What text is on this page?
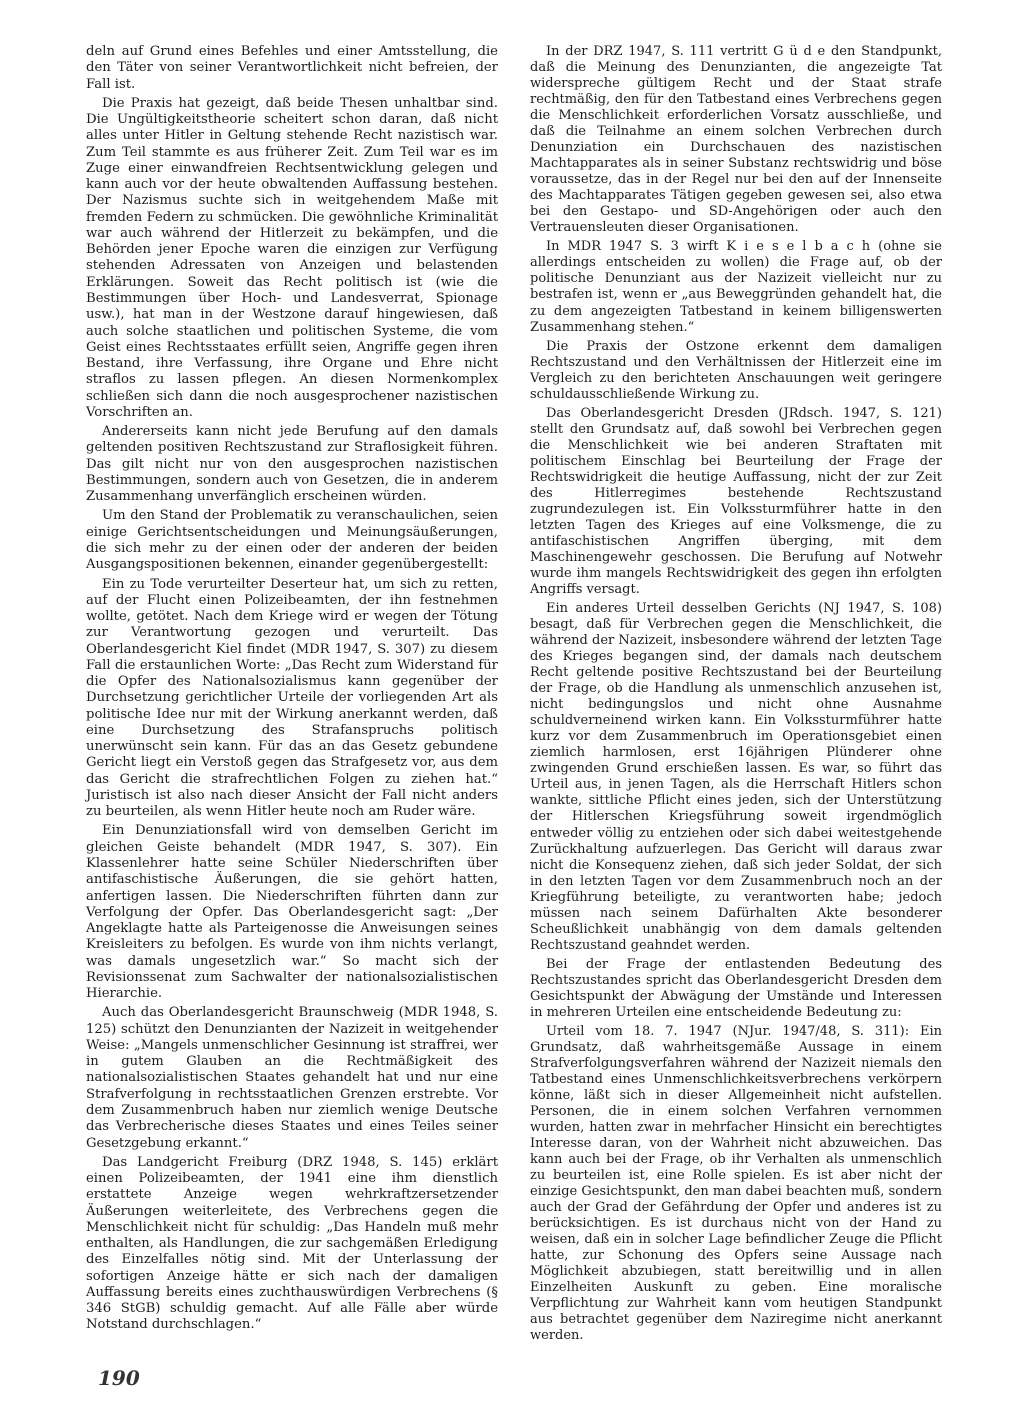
deln auf Grund eines Befehles und einer Amtsstellung, die den Täter von seiner Verantwortlichkeit nicht befreien, der Fall ist.

Die Praxis hat gezeigt, daß beide Thesen unhaltbar sind. Die Ungültigkeitstheorie scheitert schon daran, daß nicht alles unter Hitler in Geltung stehende Recht nazistisch war. Zum Teil stammte es aus früherer Zeit. Zum Teil war es im Zuge einer einwandfreien Rechtsentwicklung gelegen und kann auch vor der heute obwaltenden Auffassung bestehen. Der Nazismus suchte sich in weitgehendem Maße mit fremden Federn zu schmücken. Die gewöhnliche Kriminalität war auch während der Hitlerzeit zu bekämpfen, und die Behörden jener Epoche waren die einzigen zur Verfügung stehenden Adressaten von Anzeigen und belastenden Erklärungen. Soweit das Recht politisch ist (wie die Bestimmungen über Hoch- und Landesverrat, Spionage usw.), hat man in der Westzone darauf hingewiesen, daß auch solche staatlichen und politischen Systeme, die vom Geist eines Rechtsstaates erfüllt seien, Angriffe gegen ihren Bestand, ihre Verfassung, ihre Organe und Ehre nicht straflos zu lassen pflegen. An diesen Normenkomplex schließen sich dann die noch ausgesprochener nazistischen Vorschriften an.

Andererseits kann nicht jede Berufung auf den damals geltenden positiven Rechtszustand zur Straflosigkeit führen. Das gilt nicht nur von den ausgesprochen nazistischen Bestimmungen, sondern auch von Gesetzen, die in anderem Zusammenhang unverfänglich erscheinen würden.

Um den Stand der Problematik zu veranschaulichen, seien einige Gerichtsentscheidungen und Meinungsäußerungen, die sich mehr zu der einen oder der anderen der beiden Ausgangspositionen bekennen, einander gegenübergestellt:

Ein zu Tode verurteilter Deserteur hat, um sich zu retten, auf der Flucht einen Polizeibeamten, der ihn festnehmen wollte, getötet. Nach dem Kriege wird er wegen der Tötung zur Verantwortung gezogen und verurteilt. Das Oberlandesgericht Kiel findet (MDR 1947, S. 307) zu diesem Fall die erstaunlichen Worte: „Das Recht zum Widerstand für die Opfer des Nationalsozialismus kann gegenüber der Durchsetzung gerichtlicher Urteile der vorliegenden Art als politische Idee nur mit der Wirkung anerkannt werden, daß eine Durchsetzung des Strafanspruchs politisch unerwünscht sein kann. Für das an das Gesetz gebundene Gericht liegt ein Verstoß gegen das Strafgesetz vor, aus dem das Gericht die strafrechtlichen Folgen zu ziehen hat.“ Juristisch ist also nach dieser Ansicht der Fall nicht anders zu beurteilen, als wenn Hitler heute noch am Ruder wäre.

Ein Denunziationsfall wird von demselben Gericht im gleichen Geiste behandelt (MDR 1947, S. 307). Ein Klassenlehrer hatte seine Schüler Niederschriften über antifaschistische Äußerungen, die sie gehört hatten, anfertigen lassen. Die Niederschriften führten dann zur Verfolgung der Opfer. Das Oberlandesgericht sagt: „Der Angeklagte hatte als Parteigenosse die Anweisungen seines Kreisleiters zu befolgen. Es wurde von ihm nichts verlangt, was damals ungesetzlich war.“ So macht sich der Revisionssenat zum Sachwalter der nationalsozialistischen Hierarchie.

Auch das Oberlandesgericht Braunschweig (MDR 1948, S. 125) schützt den Denunzianten der Nazizeit in weitgehender Weise: „Mangels unmenschlicher Gesinnung ist straffrei, wer in gutem Glauben an die Rechtmäßigkeit des nationalsozialistischen Staates gehandelt hat und nur eine Strafverfolgung in rechtsstaatlichen Grenzen erstrebte. Vor dem Zusammenbruch haben nur ziemlich wenige Deutsche das Verbrecherische dieses Staates und eines Teiles seiner Gesetzgebung erkannt.“

Das Landgericht Freiburg (DRZ 1948, S. 145) erklärt einen Polizeibeamten, der 1941 eine ihm dienstlich erstattete Anzeige wegen wehrkraftzersetzender Äußerungen weiterleitete, des Verbrechens gegen die Menschlichkeit nicht für schuldig: „Das Handeln muß mehr enthalten, als Handlungen, die zur sachgemäßen Erledigung des Einzelfalles nötig sind. Mit der Unterlassung der sofortigen Anzeige hätte er sich nach der damaligen Auffassung bereits eines zuchthauswürdigen Verbrechens (§ 346 StGB) schuldig gemacht. Auf alle Fälle aber würde Notstand durchschlagen.“

In der DRZ 1947, S. 111 vertritt G ü d e den Standpunkt, daß die Meinung des Denunzianten, die angezeigte Tat widerspreche gültigem Recht und der Staat strafe rechtmäßig, den für den Tatbestand eines Verbrechens gegen die Menschlichkeit erforderlichen Vorsatz ausschließe, und daß die Teilnahme an einem solchen Verbrechen durch Denunziation ein Durchschauen des nazistischen Machtapparates als in seiner Substanz rechtswidrig und böse voraussetze, das in der Regel nur bei den auf der Innenseite des Machtapparates Tätigen gegeben gewesen sei, also etwa bei den Gestapo- und SD-Angehörigen oder auch den Vertrauensleuten dieser Organisationen.

In MDR 1947 S. 3 wirft K i e s e l b a c h (ohne sie allerdings entscheiden zu wollen) die Frage auf, ob der politische Denunziant aus der Nazizeit vielleicht nur zu bestrafen ist, wenn er „aus Beweggründen gehandelt hat, die zu dem angezeigten Tatbestand in keinem billigenswerten Zusammenhang stehen.“

Die Praxis der Ostzone erkennt dem damaligen Rechtszustand und den Verhältnissen der Hitlerzeit eine im Vergleich zu den berichteten Anschauungen weit geringere schuldausschließende Wirkung zu.

Das Oberlandesgericht Dresden (JRdsch. 1947, S. 121) stellt den Grundsatz auf, daß sowohl bei Verbrechen gegen die Menschlichkeit wie bei anderen Straftaten mit politischem Einschlag bei Beurteilung der Frage der Rechtswidrigkeit die heutige Auffassung, nicht der zur Zeit des Hitlerregimes bestehende Rechtszustand zugrundezulegen ist. Ein Volkssturmführer hatte in den letzten Tagen des Krieges auf eine Volksmenge, die zu antifaschistischen Angriffen überging, mit dem Maschinengewehr geschossen. Die Berufung auf Notwehr wurde ihm mangels Rechtswidrigkeit des gegen ihn erfolgten Angriffs versagt.

Ein anderes Urteil desselben Gerichts (NJ 1947, S. 108) besagt, daß für Verbrechen gegen die Menschlichkeit, die während der Nazizeit, insbesondere während der letzten Tage des Krieges begangen sind, der damals nach deutschem Recht geltende positive Rechtszustand bei der Beurteilung der Frage, ob die Handlung als unmenschlich anzusehen ist, nicht bedingungslos und nicht ohne Ausnahme schuldverneinend wirken kann. Ein Volkssturmführer hatte kurz vor dem Zusammenbruch im Operationsgebiet einen ziemlich harmlosen, erst 16jährigen Plünderer ohne zwingenden Grund erschießen lassen. Es war, so führt das Urteil aus, in jenen Tagen, als die Herrschaft Hitlers schon wankte, sittliche Pflicht eines jeden, sich der Unterstützung der Hitlerschen Kriegsführung soweit irgendmöglich entweder völlig zu entziehen oder sich dabei weitestgehende Zurückhaltung aufzuerlegen. Das Gericht will daraus zwar nicht die Konsequenz ziehen, daß sich jeder Soldat, der sich in den letzten Tagen vor dem Zusammenbruch noch an der Kriegführung beteiligte, zu verantworten habe; jedoch müssen nach seinem Dafürhalten Akte besonderer Scheußlichkeit unabhängig von dem damals geltenden Rechtszustand geahndet werden.

Bei der Frage der entlastenden Bedeutung des Rechtszustandes spricht das Oberlandesgericht Dresden dem Gesichtspunkt der Abwägung der Umstände und Interessen in mehreren Urteilen eine entscheidende Bedeutung zu:

Urteil vom 18. 7. 1947 (NJur. 1947/48, S. 311): Ein Grundsatz, daß wahrheitsgemäße Aussage in einem Strafverfolgungsverfahren während der Nazizeit niemals den Tatbestand eines Unmenschlichkeitsverbrechens verkörpern könne, läßt sich in dieser Allgemeinheit nicht aufstellen. Personen, die in einem solchen Verfahren vernommen wurden, hatten zwar in mehrfacher Hinsicht ein berechtigtes Interesse daran, von der Wahrheit nicht abzuweichen. Das kann auch bei der Frage, ob ihr Verhalten als unmenschlich zu beurteilen ist, eine Rolle spielen. Es ist aber nicht der einzige Gesichtspunkt, den man dabei beachten muß, sondern auch der Grad der Gefährdung der Opfer und anderes ist zu berücksichtigen. Es ist durchaus nicht von der Hand zu weisen, daß ein in solcher Lage befindlicher Zeuge die Pflicht hatte, zur Schonung des Opfers seine Aussage nach Möglichkeit abzubiegen, statt bereitwillig und in allen Einzelheiten Auskunft zu geben. Eine moralische Verpflichtung zur Wahrheit kann vom heutigen Standpunkt aus betrachtet gegenüber dem Naziregime nicht anerkannt werden.

190
